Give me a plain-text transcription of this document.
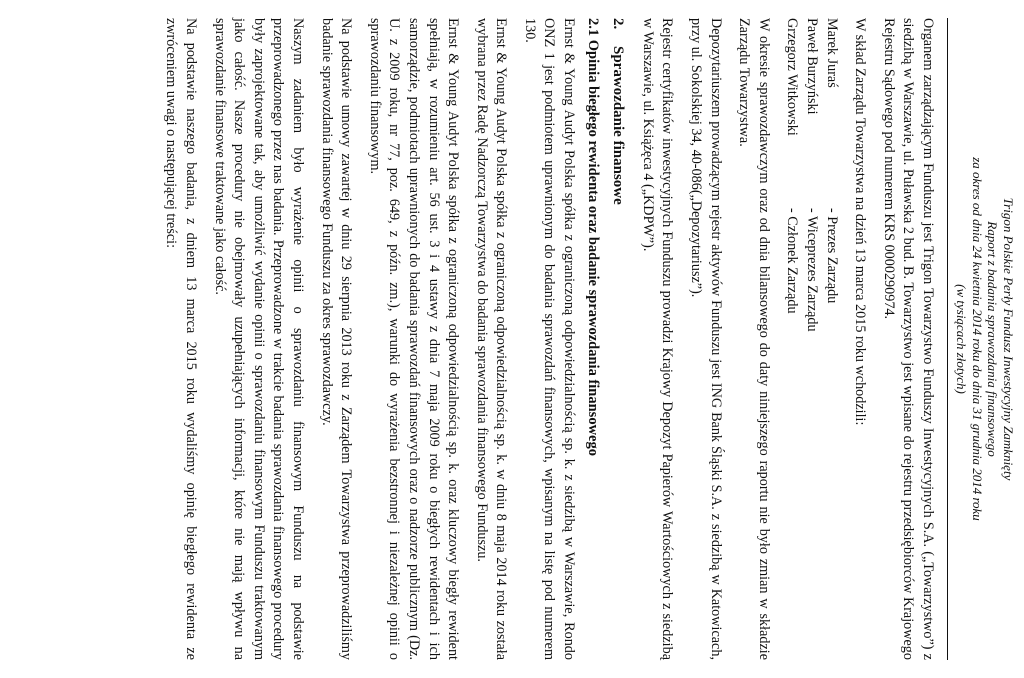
Trigon Polskie Perły Fundusz Inwestycyjny Zamknięty
Raport z badania sprawozdania finansowego
za okres od dnia 24 kwietnia 2014 roku do dnia 31 grudnia 2014 roku
(w tysiącach złotych)

Organem zarządzającym Funduszu jest Trigon Towarzystwo Funduszy Inwestycyjnych S.A. („Towarzystwo”) z siedzibą w Warszawie, ul. Puławska 2 bud. B. Towarzystwo jest wpisane do rejestru przedsiębiorców Krajowego Rejestru Sądowego pod numerem KRS 0000290974.

W skład Zarządu Towarzystwa na dzień 13 marca 2015 roku wchodzili:

Marek Juraś
- Prezes Zarządu
Paweł Burzyński
- Wiceprezes Zarządu
Grzegorz Witkowski
- Członek Zarządu

W okresie sprawozdawczym oraz od dnia bilansowego do daty niniejszego raportu nie było zmian w składzie Zarządu Towarzystwa.

Depozytariuszem prowadzącym rejestr aktywów Funduszu jest ING Bank Śląski S.A. z siedzibą w Katowicach, przy ul. Sokolskiej 34, 40-086(„Depozytariusz”).

Rejestr certyfikatów inwestycyjnych Funduszu prowadzi Krajowy Depozyt Papierów Wartościowych z siedzibą w Warszawie, ul. Książęca 4 („KDPW”).

2.Sprawozdanie finansowe
2.1 Opinia biegłego rewidenta oraz badanie sprawozdania finansowego

Ernst & Young Audyt Polska spółka z ograniczoną odpowiedzialnością sp. k. z siedzibą w Warszawie, Rondo ONZ 1 jest podmiotem uprawnionym do badania sprawozdań finansowych, wpisanym na listę pod numerem 130.

Ernst & Young Audyt Polska spółka z ograniczoną odpowiedzialnością sp. k. w dniu 8 maja 2014 roku została wybrana przez Radę Nadzorczą Towarzystwa do badania sprawozdania finansowego Funduszu.

Ernst & Young Audyt Polska spółka z ograniczoną odpowiedzialnością sp. k. oraz kluczowy biegły rewident spełniają, w rozumieniu art. 56 ust. 3 i 4 ustawy z dnia 7 maja 2009 roku o biegłych rewidentach i ich samorządzie, podmiotach uprawnionych do badania sprawozdań finansowych oraz o nadzorze publicznym (Dz. U. z 2009 roku, nr 77, poz. 649, z późn. zm.), warunki do wyrażenia bezstronnej i niezależnej opinii o sprawozdaniu finansowym.

Na podstawie umowy zawartej w dniu 29 sierpnia 2013 roku z Zarządem Towarzystwa przeprowadziliśmy badanie sprawozdania finansowego Funduszu za okres sprawozdawczy.

Naszym zadaniem było wyrażenie opinii o sprawozdaniu finansowym Funduszu na podstawie przeprowadzonego przez nas badania. Przeprowadzone w trakcie badania sprawozdania finansowego procedury były zaprojektowane tak, aby umożliwić wydanie opinii o sprawozdaniu finansowym Funduszu traktowanym jako całość. Nasze procedury nie obejmowały uzupełniających informacji, które nie mają wpływu na sprawozdanie finansowe traktowane jako całość.

Na podstawie naszego badania, z dniem 13 marca 2015 roku wydaliśmy opinię biegłego rewidenta ze zwróceniem uwagi o następującej treści:
